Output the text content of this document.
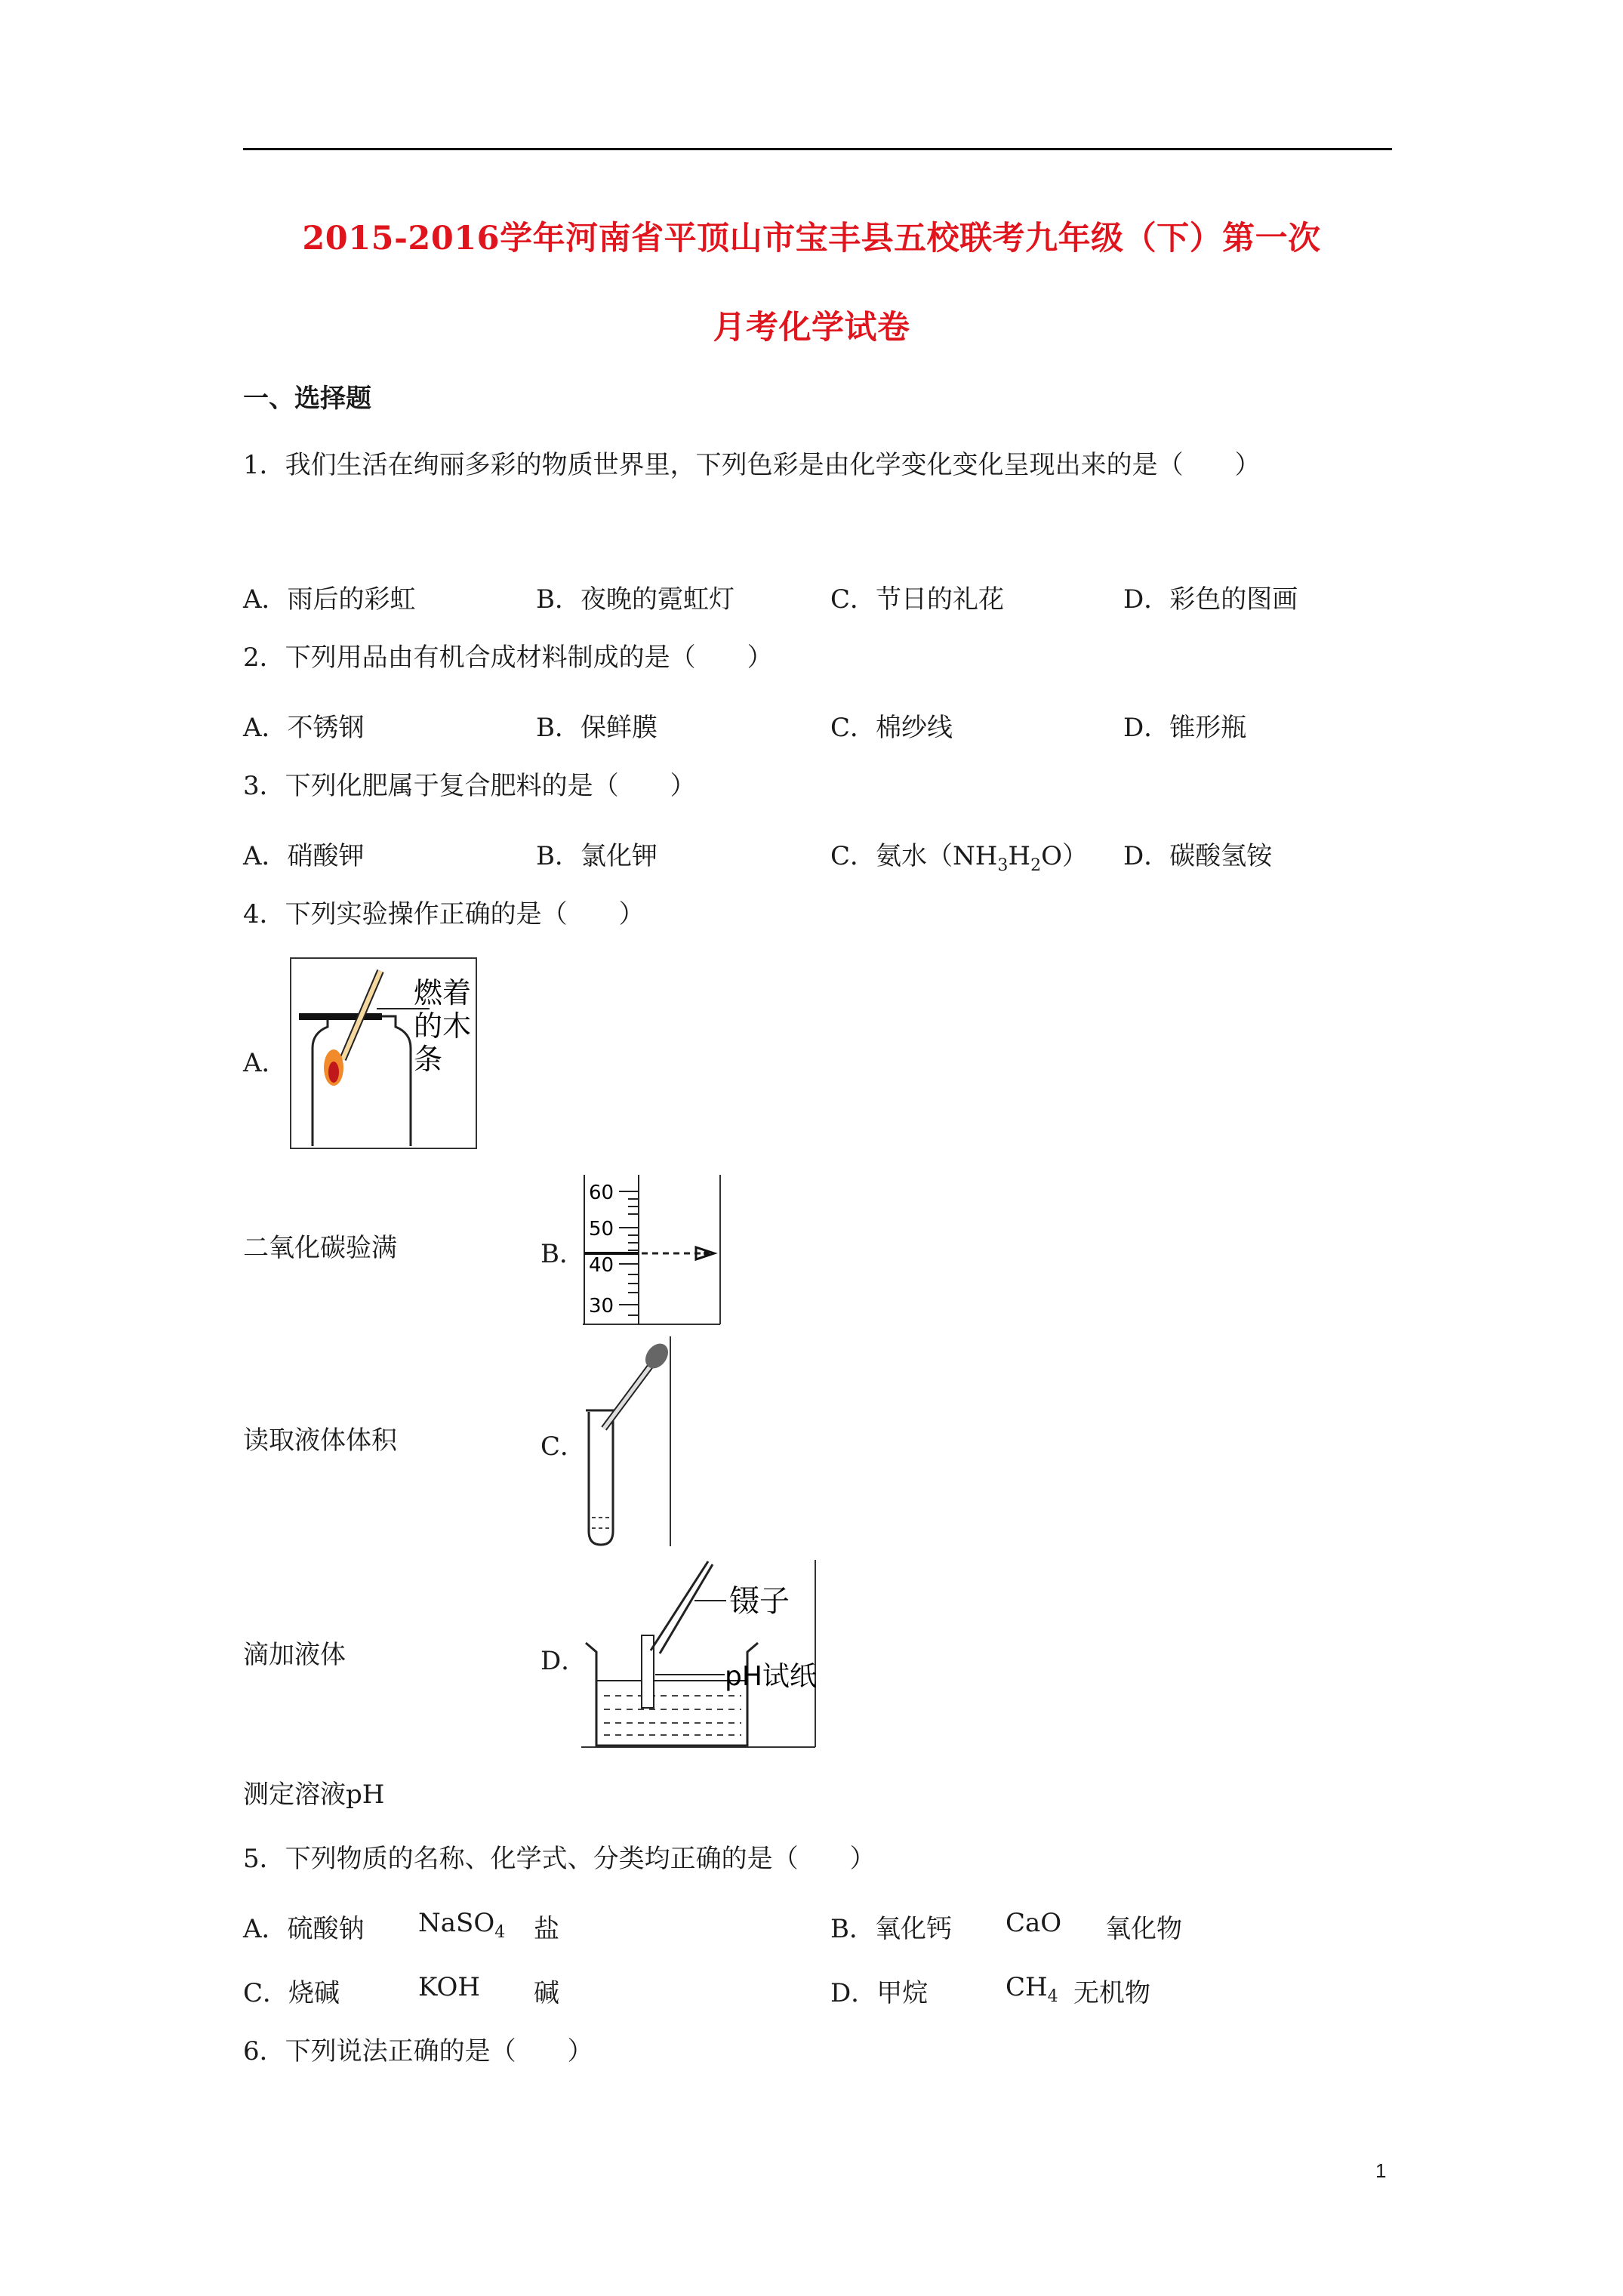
2015-2016学年河南省平顶山市宝丰县五校联考九年级（下）第一次
月考化学试卷
一、选择题
1．我们生活在绚丽多彩的物质世界里，下列色彩是由化学变化变化呈现出来的是（　　）
A．雨后的彩虹	B．夜晚的霓虹灯	C．节日的礼花	D．彩色的图画
2．下列用品由有机合成材料制成的是（　　）
A．不锈钢	B．保鲜膜	C．棉纱线	D．锥形瓶
3．下列化肥属于复合肥料的是（　　）
A．硝酸钾	B．氯化钾	C．氨水$(NH_3H_2O)$ D．碳酸氢铵
4．下列实验操作正确的是（　　）
A．
燃着
的木
条
二氧化碳验满	B．
60
50
40
30
读取液体体积	C．
滴加液体	D．
镊子
pH试纸
测定溶液pH
5．下列物质的名称、化学式、分类均正确的是（　　）
A．硫酸钠 NaSO$_4$ 盐	B．氧化钙 CaO 氧化物
C．烧碱	KOH 碱	D．甲烷	$CH_4$ 无机物
6．下列说法正确的是（　　）
1
